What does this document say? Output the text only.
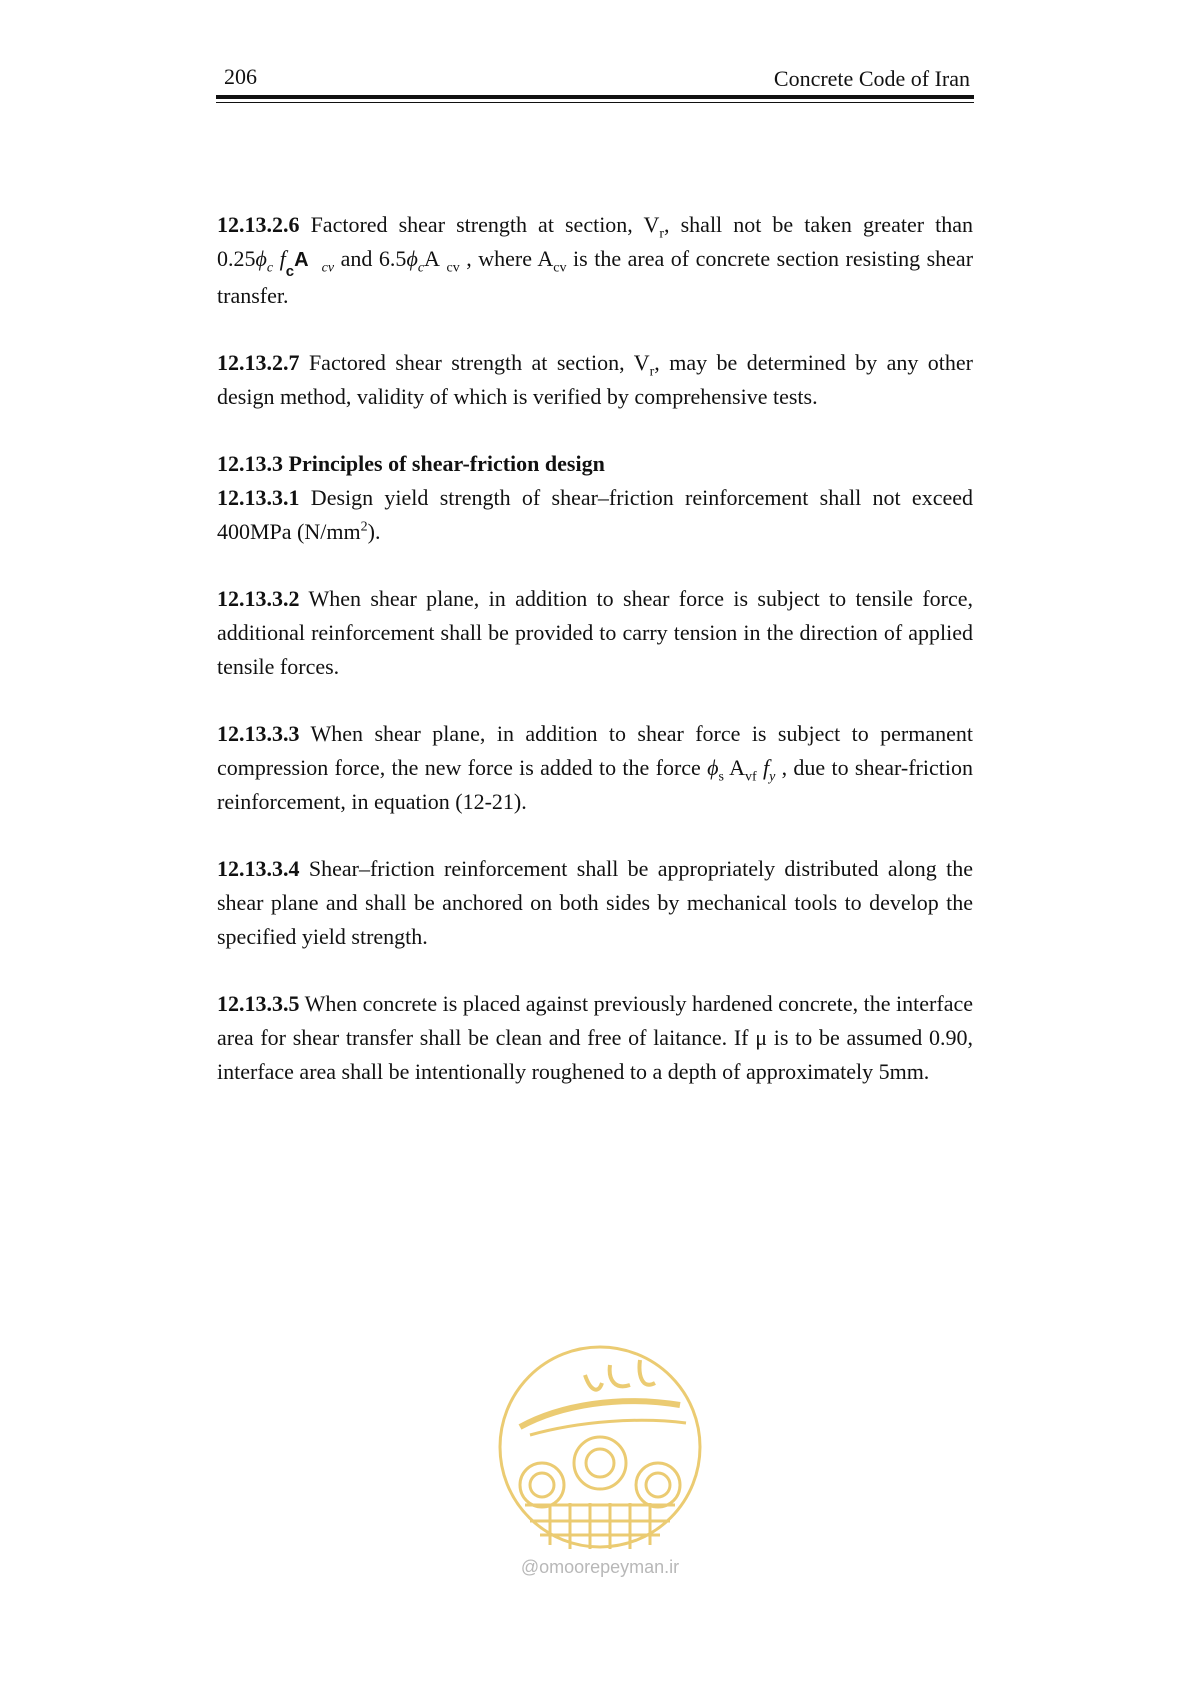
206	Concrete Code of Iran

12.13.2.6 Factored shear strength at section, $V_r$, shall not be taken greater than $0.25\phi_c$ $f_cA$ $_{cv}$ and $6.5\phi_cA$ $_{cv}$ , where $A_{cv}$ is the area of concrete section resisting shear transfer.

12.13.2.7 Factored shear strength at section, $V_r$, may be determined by any other design method, validity of which is verified by comprehensive tests.

12.13.3 Principles of shear-friction design

12.13.3.1 Design yield strength of shear–friction reinforcement shall not exceed 400MPa $(N/mm^2)$.

12.13.3.2 When shear plane, in addition to shear force is subject to tensile force, additional reinforcement shall be provided to carry tension in the direction of applied tensile forces.

12.13.3.3 When shear plane, in addition to shear force is subject to permanent compression force, the new force is added to the force $\phi_s$ $A_{vf}$ $f_y$ , due to shear-friction reinforcement, in equation (12-21).

12.13.3.4 Shear–friction reinforcement shall be appropriately distributed along the shear plane and shall be anchored on both sides by mechanical tools to develop the specified yield strength.

12.13.3.5 When concrete is placed against previously hardened concrete, the interface area for shear transfer shall be clean and free of laitance. If μ is to be assumed 0.90, interface area shall be intentionally roughened to a depth of approximately 5mm.

@omoorepeyman.ir
